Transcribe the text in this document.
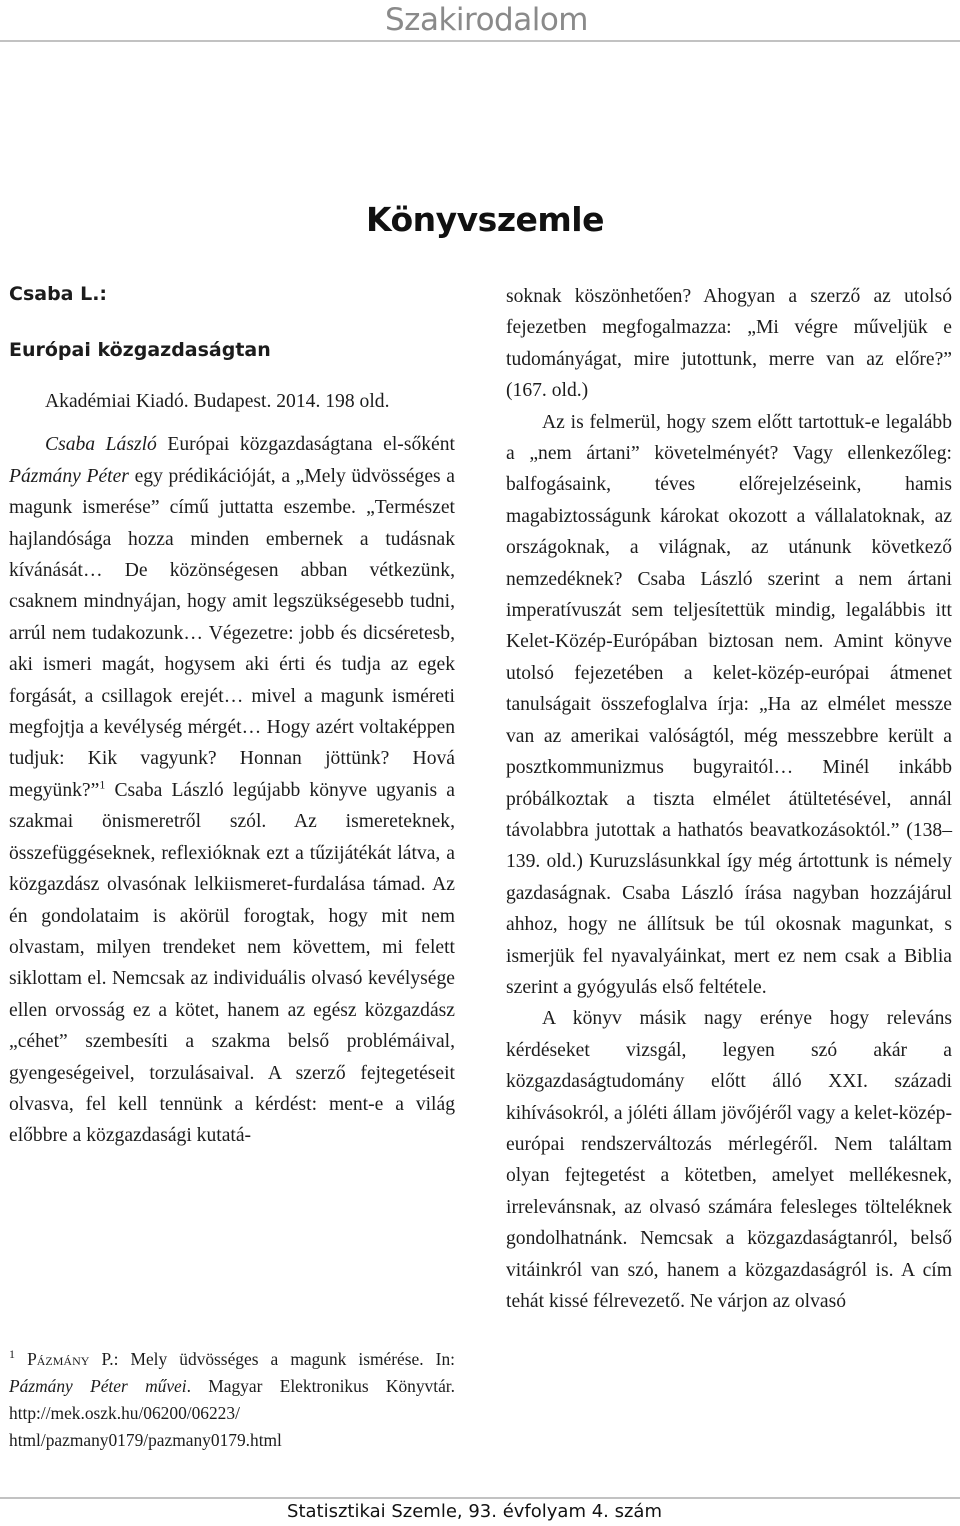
Szakirodalom
Könyvszemle
Csaba L.:
Európai közgazdaságtan
Akadémiai Kiadó. Budapest. 2014. 198 old.

Csaba László Európai közgazdaságtana el-sőként Pázmány Péter egy prédikációját, a „Mely üdvösséges a magunk ismerése” című juttatta eszembe. „Természet hajlandósága hozza minden embernek a tudásnak kívánását… De közönségesen abban vétkezünk, csaknem mindnyájan, hogy amit legszükségesebb tudni, arrúl nem tudakozunk… Végezetre: jobb és dicséretesb, aki ismeri magát, hogysem aki érti és tudja az egek forgását, a csillagok erejét… mivel a magunk isméreti megfojtja a kevélység mérgét… Hogy azért voltaképpen tudjuk: Kik vagyunk? Honnan jöttünk? Hová megyünk?”$^1$ Csaba László legújabb könyve ugyanis a szakmai önismeretről szól. Az ismereteknek, összefüggéseknek, reflexióknak ezt a tűzijátékát látva, a közgazdász olvasónak lelkiismeret-furdalása támad. Az én gondolataim is akörül forogtak, hogy mit nem olvastam, milyen trendeket nem követtem, mi felett siklottam el. Nemcsak az individuális olvasó kevélysége ellen orvosság ez a kötet, hanem az egész közgazdász „céhet” szembesíti a szakma belső problémáival, gyengeségeivel, torzulásaival. A szerző fejtegetéseit olvasva, fel kell tennünk a kérdést: ment-e a világ előbbre a közgazdasági kutatá-

$^1$ Pázmány P.: Mely üdvösséges a magunk ismérése. In: Pázmány Péter művei. Magyar Elektronikus Könyvtár. http://mek.oszk.hu/06200/06223/ html/pazmany0179/pazmany0179.html

soknak köszönhetően? Ahogyan a szerző az utolsó fejezetben megfogalmazza: „Mi végre műveljük e tudományágat, mire jutottunk, merre van az előre?” (167. old.)

Az is felmerül, hogy szem előtt tartottuk-e legalább a „nem ártani” követelményét? Vagy ellenkezőleg: balfogásaink, téves előrejelzéseink, hamis magabiztosságunk károkat okozott a vállalatoknak, az országoknak, a világnak, az utánunk következő nemzedéknek? Csaba László szerint a nem ártani imperatívuszát sem teljesítettük mindig, legalábbis itt Kelet-Közép-Európában biztosan nem. Amint könyve utolsó fejezetében a kelet-közép-európai átmenet tanulságait összefoglalva írja: „Ha az elmélet messze van az amerikai valóságtól, még messzebbre került a posztkommunizmus bugyraitól… Minél inkább próbálkoztak a tiszta elmélet átültetésével, annál távolabbra jutottak a hathatós beavatkozásoktól.” (138–139. old.) Kuruzslásunkkal így még ártottunk is némely gazdaságnak. Csaba László írása nagyban hozzájárul ahhoz, hogy ne állítsuk be túl okosnak magunkat, s ismerjük fel nyavalyáinkat, mert ez nem csak a Biblia szerint a gyógyulás első feltétele.

A könyv másik nagy erénye hogy releváns kérdéseket vizsgál, legyen szó akár a közgazdaságtudomány előtt álló XXI. századi kihívásokról, a jóléti állam jövőjéről vagy a kelet-közép-európai rendszerváltozás mérlegéről. Nem találtam olyan fejtegetést a kötetben, amelyet mellékesnek, irrelevánsnak, az olvasó számára felesleges tölteléknek gondolhatnánk. Nemcsak a közgazdaságtanról, belső vitáinkról van szó, hanem a közgazdaságról is. A cím tehát kissé félrevezető. Ne várjon az olvasó

Statisztikai Szemle, 93. évfolyam 4. szám
